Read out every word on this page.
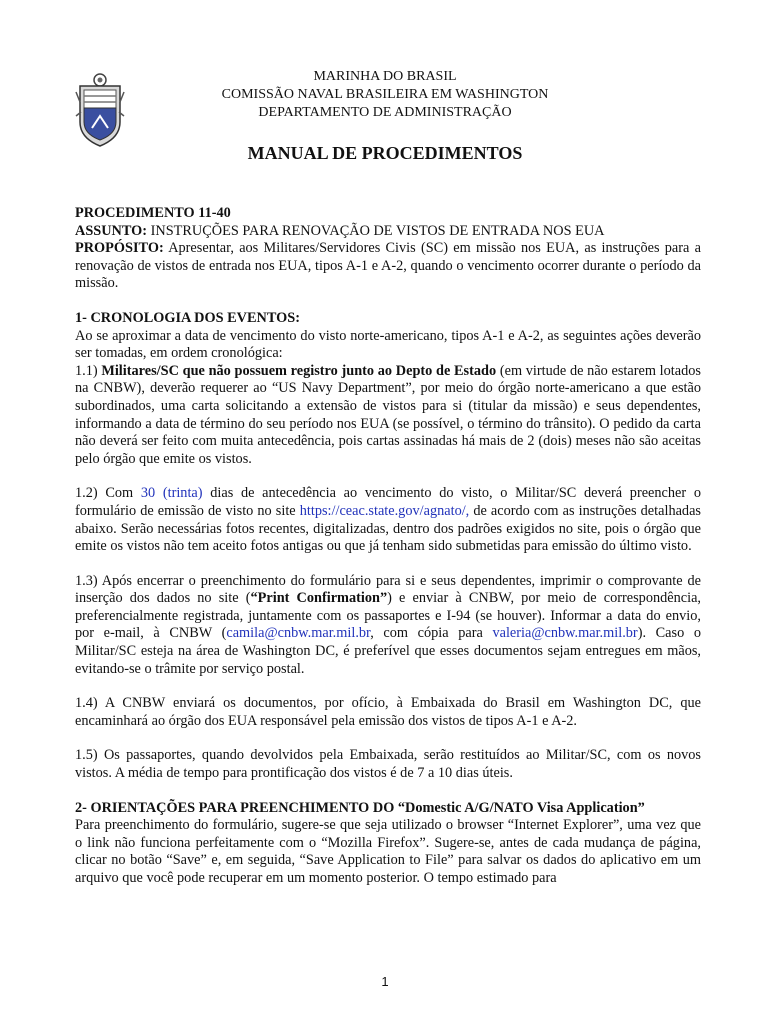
MARINHA DO BRASIL
COMISSÃO NAVAL BRASILEIRA EM WASHINGTON
DEPARTAMENTO DE ADMINISTRAÇÃO
MANUAL DE PROCEDIMENTOS

PROCEDIMENTO 11-40
ASSUNTO: INSTRUÇÕES PARA RENOVAÇÃO DE VISTOS DE ENTRADA NOS EUA
PROPÓSITO: Apresentar, aos Militares/Servidores Civis (SC) em missão nos EUA, as instruções para a renovação de vistos de entrada nos EUA, tipos A-1 e A-2, quando o vencimento ocorrer durante o período da missão.

1- CRONOLOGIA DOS EVENTOS:
Ao se aproximar a data de vencimento do visto norte-americano, tipos A-1 e A-2, as seguintes ações deverão ser tomadas, em ordem cronológica:

1.1) Militares/SC que não possuem registro junto ao Depto de Estado (em virtude de não estarem lotados na CNBW), deverão requerer ao “US Navy Department”, por meio do órgão norte-americano a que estão subordinados, uma carta solicitando a extensão de vistos para si (titular da missão) e seus dependentes, informando a data de término do seu período nos EUA (se possível, o término do trânsito). O pedido da carta não deverá ser feito com muita antecedência, pois cartas assinadas há mais de 2 (dois) meses não são aceitas pelo órgão que emite os vistos.

1.2) Com 30 (trinta) dias de antecedência ao vencimento do visto, o Militar/SC deverá preencher o formulário de emissão de visto no site https://ceac.state.gov/agnato/, de acordo com as instruções detalhadas abaixo. Serão necessárias fotos recentes, digitalizadas, dentro dos padrões exigidos no site, pois o órgão que emite os vistos não tem aceito fotos antigas ou que já tenham sido submetidas para emissão do último visto.

1.3) Após encerrar o preenchimento do formulário para si e seus dependentes, imprimir o comprovante de inserção dos dados no site (“Print Confirmation”) e enviar à CNBW, por meio de correspondência, preferencialmente registrada, juntamente com os passaportes e I-94 (se houver). Informar a data do envio, por e-mail, à CNBW (camila@cnbw.mar.mil.br, com cópia para valeria@cnbw.mar.mil.br). Caso o Militar/SC esteja na área de Washington DC, é preferível que esses documentos sejam entregues em mãos, evitando-se o trâmite por serviço postal.

1.4) A CNBW enviará os documentos, por ofício, à Embaixada do Brasil em Washington DC, que encaminhará ao órgão dos EUA responsável pela emissão dos vistos de tipos A-1 e A-2.

1.5) Os passaportes, quando devolvidos pela Embaixada, serão restituídos ao Militar/SC, com os novos vistos. A média de tempo para prontificação dos vistos é de 7 a 10 dias úteis.

2- ORIENTAÇÕES PARA PREENCHIMENTO DO “Domestic A/G/NATO Visa Application”
Para preenchimento do formulário, sugere-se que seja utilizado o browser “Internet Explorer”, uma vez que o link não funciona perfeitamente com o “Mozilla Firefox”. Sugere-se, antes de cada mudança de página, clicar no botão “Save” e, em seguida, “Save Application to File” para salvar os dados do aplicativo em um arquivo que você pode recuperar em um momento posterior. O tempo estimado para

1
